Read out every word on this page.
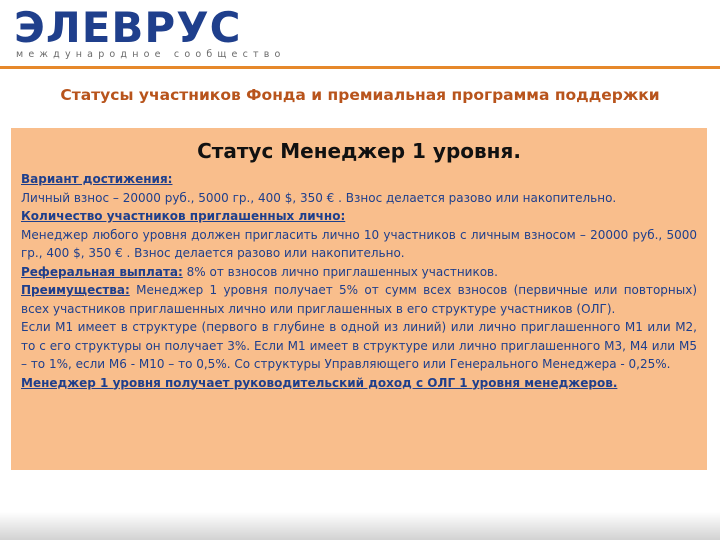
ЭЛЕВРУС
международное сообщество
Статусы участников Фонда и премиальная программа поддержки
Статус Менеджер 1 уровня.

Вариант достижения:
Личный взнос – 20000 руб., 5000 гр., 400 $, 350 € . Взнос делается разово или накопительно.

Количество участников приглашенных лично:
Менеджер любого уровня должен пригласить лично 10 участников с личным взносом – 20000 руб., 5000 гр., 400 $, 350 € . Взнос делается разово или накопительно.

Реферальная выплата: 8% от взносов лично приглашенных участников.

Преимущества: Менеджер 1 уровня получает 5% от сумм всех взносов (первичные или повторных) всех участников приглашенных лично или приглашенных в его структуре участников (ОЛГ).

Если М1 имеет в структуре (первого в глубине в одной из линий) или лично приглашенного М1 или М2, то с его структуры он получает 3%. Если М1 имеет в структуре или лично приглашенного М3, М4 или М5 – то 1%, если М6 - М10 – то 0,5%. Со структуры Управляющего или Генерального Менеджера - 0,25%.

Менеджер 1 уровня получает руководительский доход с ОЛГ 1 уровня менеджеров.
